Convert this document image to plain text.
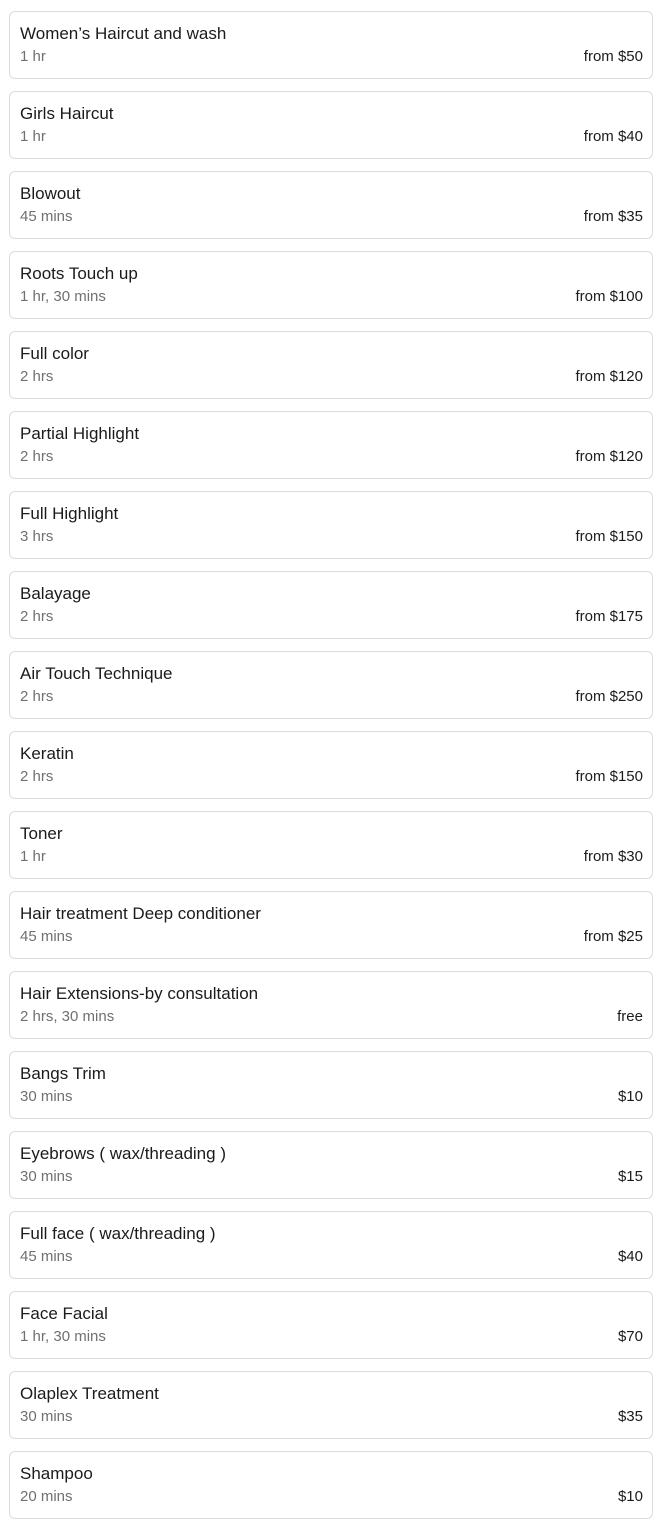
Women’s Haircut and wash
1 hr	from $50
Girls Haircut
1 hr	from $40
Blowout
45 mins	from $35
Roots Touch up
1 hr, 30 mins	from $100
Full color
2 hrs	from $120
Partial Highlight
2 hrs	from $120
Full Highlight
3 hrs	from $150
Balayage
2 hrs	from $175
Air Touch Technique
2 hrs	from $250
Keratin
2 hrs	from $150
Toner
1 hr	from $30
Hair treatment Deep conditioner
45 mins	from $25
Hair Extensions-by consultation
2 hrs, 30 mins	free
Bangs Trim
30 mins	$10
Eyebrows ( wax/threading )
30 mins	$15
Full face ( wax/threading )
45 mins	$40
Face Facial
1 hr, 30 mins	$70
Olaplex Treatment
30 mins	$35
Shampoo
20 mins	$10
